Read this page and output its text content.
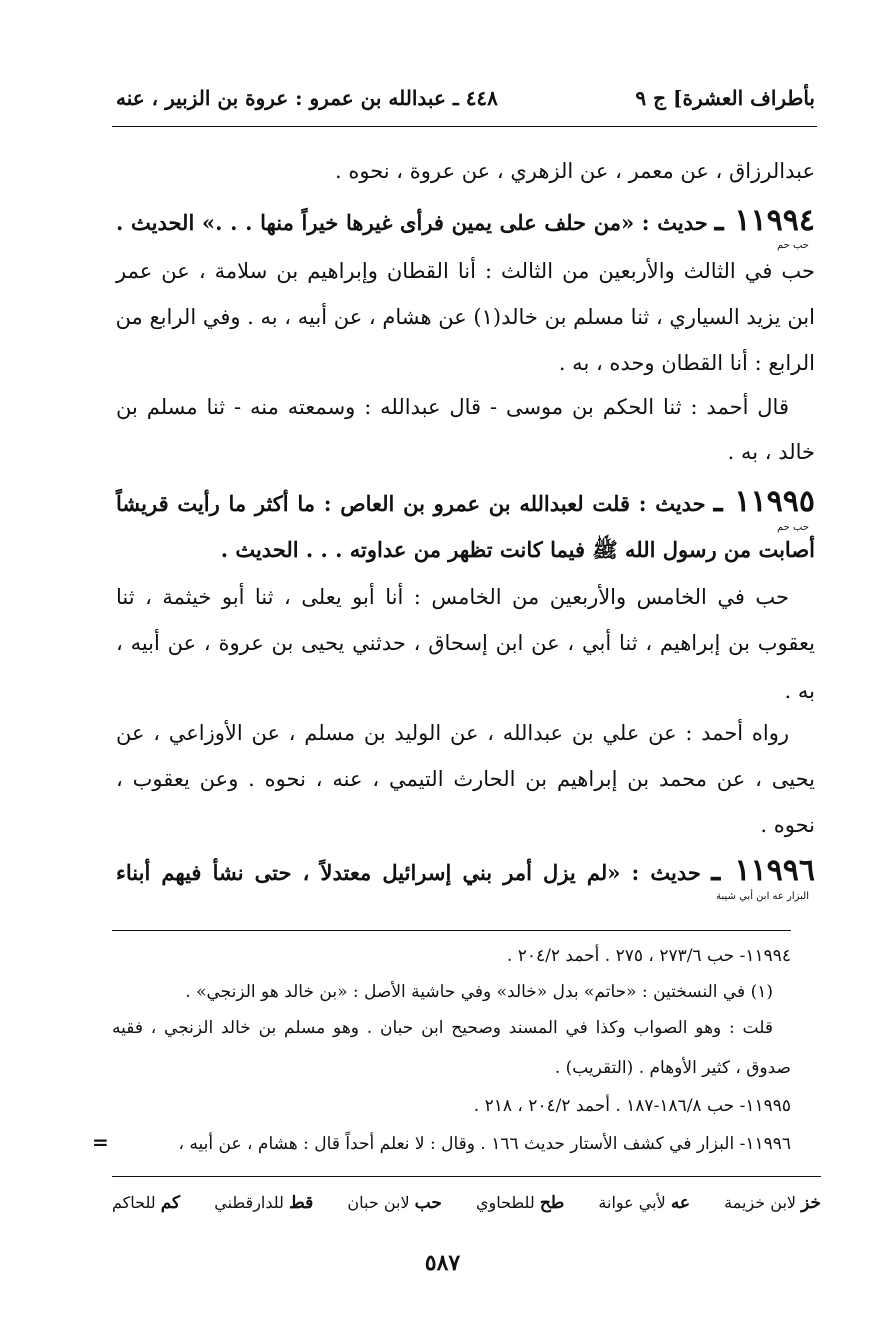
بأطراف العشرة] ج ٩
٤٤٨ ـ عبدالله بن عمرو : عروة بن الزبير ، عنه
عبدالرزاق ، عن معمر ، عن الزهري ، عن عروة ، نحوه .
١١٩٩٤ ـ حديث : «من حلف على يمين فرأى غيرها خيراً منها . . .» الحديث .
حب حم
حب في الثالث والأربعين من الثالث : أنا القطان وإبراهيم بن سلامة ، عن عمر
ابن يزيد السياري ، ثنا مسلم بن خالد(١) عن هشام ، عن أبيه ، به . وفي الرابع من
الرابع : أنا القطان وحده ، به .
قال أحمد : ثنا الحكم بن موسى - قال عبدالله : وسمعته منه - ثنا مسلم بن
خالد ، به .
١١٩٩٥ ـ حديث : قلت لعبدالله بن عمرو بن العاص : ما أكثر ما رأيت قريشاً
حب حم
أصابت من رسول الله ﷺ فيما كانت تظهر من عداوته . . . الحديث .
حب في الخامس والأربعين من الخامس : أنا أبو يعلى ، ثنا أبو خيثمة ، ثنا
يعقوب بن إبراهيم ، ثنا أبي ، عن ابن إسحاق ، حدثني يحيى بن عروة ، عن أبيه ،
به .
رواه أحمد : عن علي بن عبدالله ، عن الوليد بن مسلم ، عن الأوزاعي ، عن
يحيى ، عن محمد بن إبراهيم بن الحارث التيمي ، عنه ، نحوه . وعن يعقوب ،
نحوه .
١١٩٩٦ ـ حديث : «لم يزل أمر بني إسرائيل معتدلاً ، حتى نشأ فيهم أبناء
البزار عه ابن أبي شيبة
١١٩٩٤- حب ٢٧٣/٦ ، ٢٧٥ . أحمد ٢٠٤/٢ .
(١) في النسختين : «حاتم» بدل «خالد» وفي حاشية الأصل : «بن خالد هو الزنجي» .
قلت : وهو الصواب وكذا في المسند وصحيح ابن حبان . وهو مسلم بن خالد الزنجي ، فقيه
صدوق ، كثير الأوهام . (التقريب) .
١١٩٩٥- حب ١٨٦/٨-١٨٧ . أحمد ٢٠٤/٢ ، ٢١٨ .
١١٩٩٦- البزار في كشف الأستار حديث ١٦٦ . وقال : لا نعلم أحداً قال : هشام ، عن أبيه ،
=
خز لابن خزيمة
عه لأبي عوانة
طح للطحاوي
حب لابن حبان
قط للدارقطني
كم للحاكم
٥٨٧
